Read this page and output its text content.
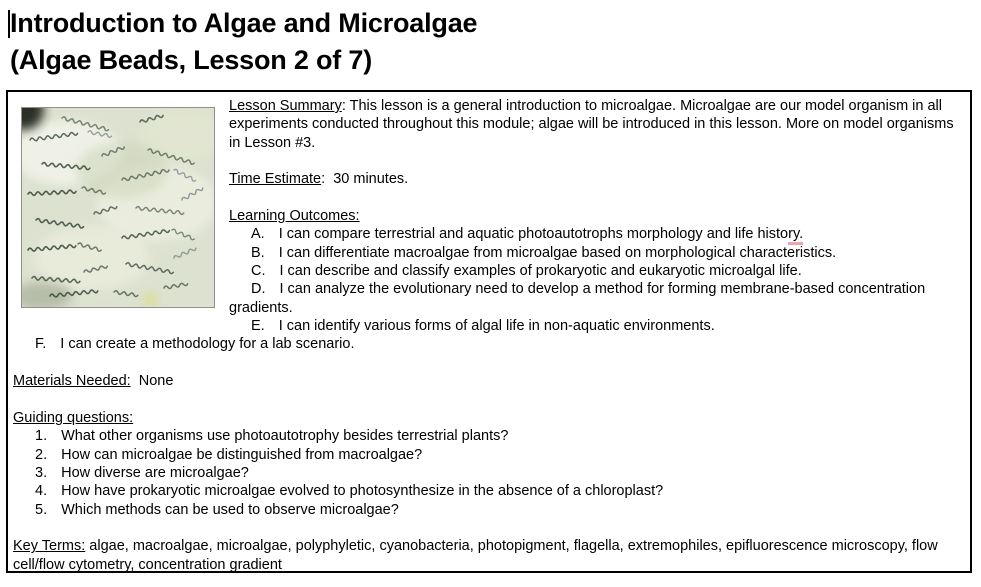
Introduction to Algae and Microalgae
(Algae Beads, Lesson 2 of 7)
Lesson Summary: This lesson is a general introduction to microalgae. Microalgae are our model organism in all experiments conducted throughout this module; algae will be introduced in this lesson. More on model organisms in Lesson #3.
Time Estimate:  30 minutes.
Learning Outcomes:
A. I can compare terrestrial and aquatic photoautotrophs morphology and life history.
B. I can differentiate macroalgae from microalgae based on morphological characteristics.
C. I can describe and classify examples of prokaryotic and eukaryotic microalgal life.
D. I can analyze the evolutionary need to develop a method for forming membrane-based concentration gradients.
E. I can identify various forms of algal life in non-aquatic environments.
F. I can create a methodology for a lab scenario.
Materials Needed:  None
Guiding questions:
1. What other organisms use photoautotrophy besides terrestrial plants?
2. How can microalgae be distinguished from macroalgae?
3. How diverse are microalgae?
4. How have prokaryotic microalgae evolved to photosynthesize in the absence of a chloroplast?
5. Which methods can be used to observe microalgae?
Key Terms: algae, macroalgae, microalgae, polyphyletic, cyanobacteria, photopigment, flagella, extremophiles, epifluorescence microscopy, flow cell/flow cytometry, concentration gradient
